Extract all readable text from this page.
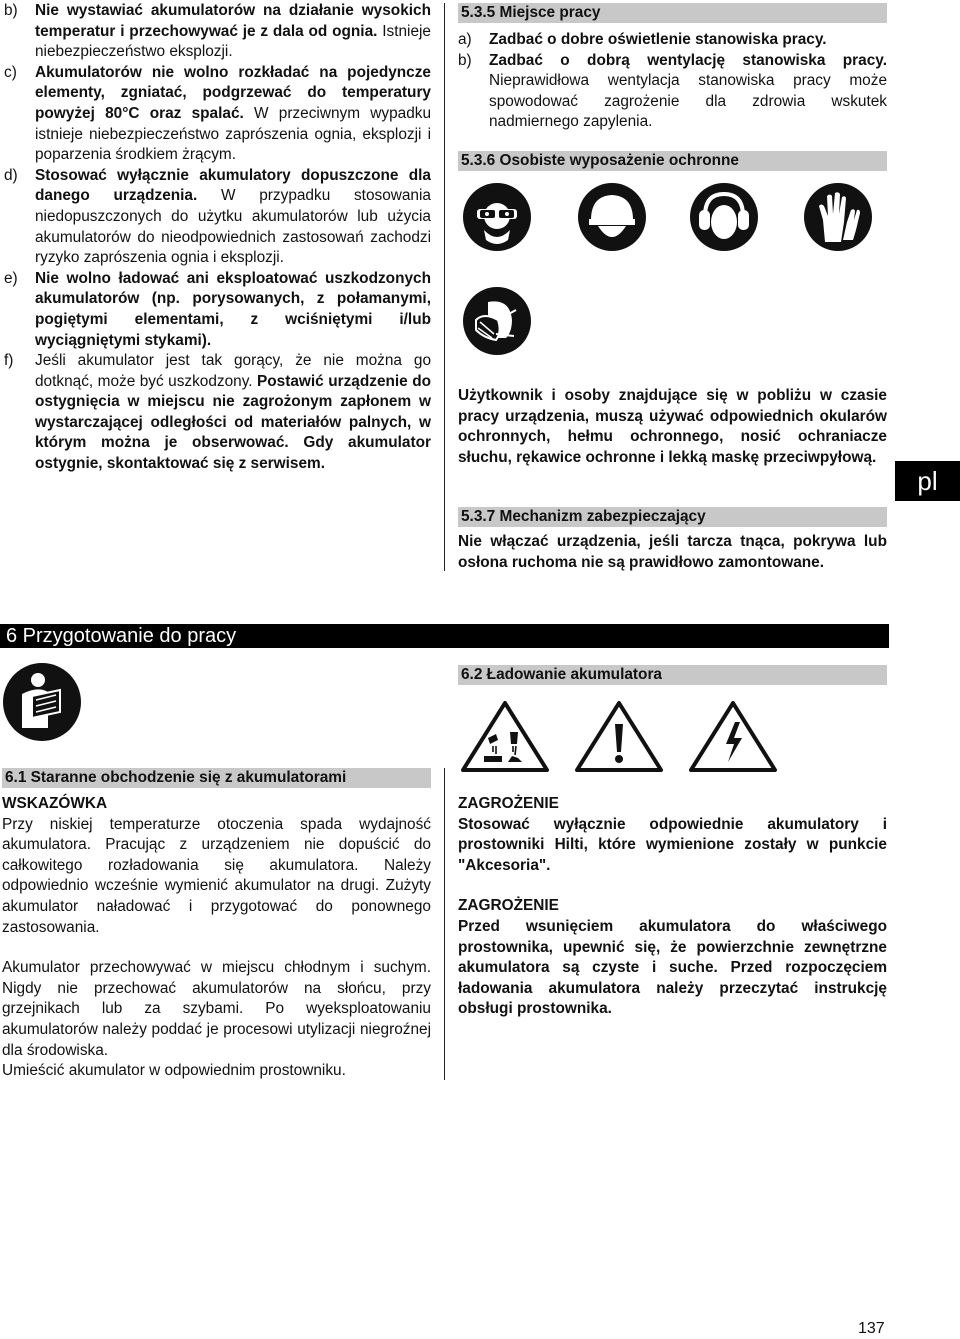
b)	Nie wystawiać akumulatorów na działanie wysokich temperatur i przechowywać je z dala od ognia. Istnieje niebezpieczeństwo eksplozji.
c)	Akumulatorów nie wolno rozkładać na pojedyncze elementy, zgniatać, podgrzewać do temperatury powyżej 80°C oraz spalać. W przeciwnym wypadku istnieje niebezpieczeństwo zaprószenia ognia, eksplozji i poparzenia środkiem żrącym.
d)	Stosować wyłącznie akumulatory dopuszczone dla danego urządzenia. W przypadku stosowania niedopuszczonych do użytku akumulatorów lub użycia akumulatorów do nieodpowiednich zastosowań zachodzi ryzyko zaprószenia ognia i eksplozji.
e)	Nie wolno ładować ani eksploatować uszkodzonych akumulatorów (np. porysowanych, z połamanymi, pogiętymi elementami, z wciśniętymi i/lub wyciągniętymi stykami).
f)	Jeśli akumulator jest tak gorący, że nie można go dotknąć, może być uszkodzony. Postawić urządzenie do ostygnięcia w miejscu nie zagrożonym zapłonem w wystarczającej odległości od materiałów palnych, w którym można je obserwować. Gdy akumulator ostygnie, skontaktować się z serwisem.
5.3.5 Miejsce pracy
a)	Zadbać o dobre oświetlenie stanowiska pracy.
b)	Zadbać o dobrą wentylację stanowiska pracy. Nieprawidłowa wentylacja stanowiska pracy może spowodować zagrożenie dla zdrowia wskutek nadmiernego zapylenia.
5.3.6 Osobiste wyposażenie ochronne

Użytkownik i osoby znajdujące się w pobliżu w czasie pracy urządzenia, muszą używać odpowiednich okularów ochronnych, hełmu ochronnego, nosić ochraniacze słuchu, rękawice ochronne i lekką maskę przeciwpyłową.

5.3.7 Mechanizm zabezpieczający

Nie włączać urządzenia, jeśli tarcza tnąca, pokrywa lub osłona ruchoma nie są prawidłowo zamontowane.

pl
6 Przygotowanie do pracy
6.2 Ładowanie akumulatora
6.1 Staranne obchodzenie się z akumulatorami
WSKAZÓWKA

Przy niskiej temperaturze otoczenia spada wydajność akumulatora. Pracując z urządzeniem nie dopuścić do całkowitego rozładowania się akumulatora. Należy odpowiednio wcześnie wymienić akumulator na drugi. Zużyty akumulator naładować i przygotować do ponownego zastosowania.

Akumulator przechowywać w miejscu chłodnym i suchym. Nigdy nie przechować akumulatorów na słońcu, przy grzejnikach lub za szybami. Po wyeksploatowaniu akumulatorów należy poddać je procesowi utylizacji niegroźnej dla środowiska.

Umieścić akumulator w odpowiednim prostowniku.

ZAGROŻENIE

Stosować wyłącznie odpowiednie akumulatory i prostowniki Hilti, które wymienione zostały w punkcie "Akcesoria".

ZAGROŻENIE

Przed wsunięciem akumulatora do właściwego prostownika, upewnić się, że powierzchnie zewnętrzne akumulatora są czyste i suche. Przed rozpoczęciem ładowania akumulatora należy przeczytać instrukcję obsługi prostownika.

137
